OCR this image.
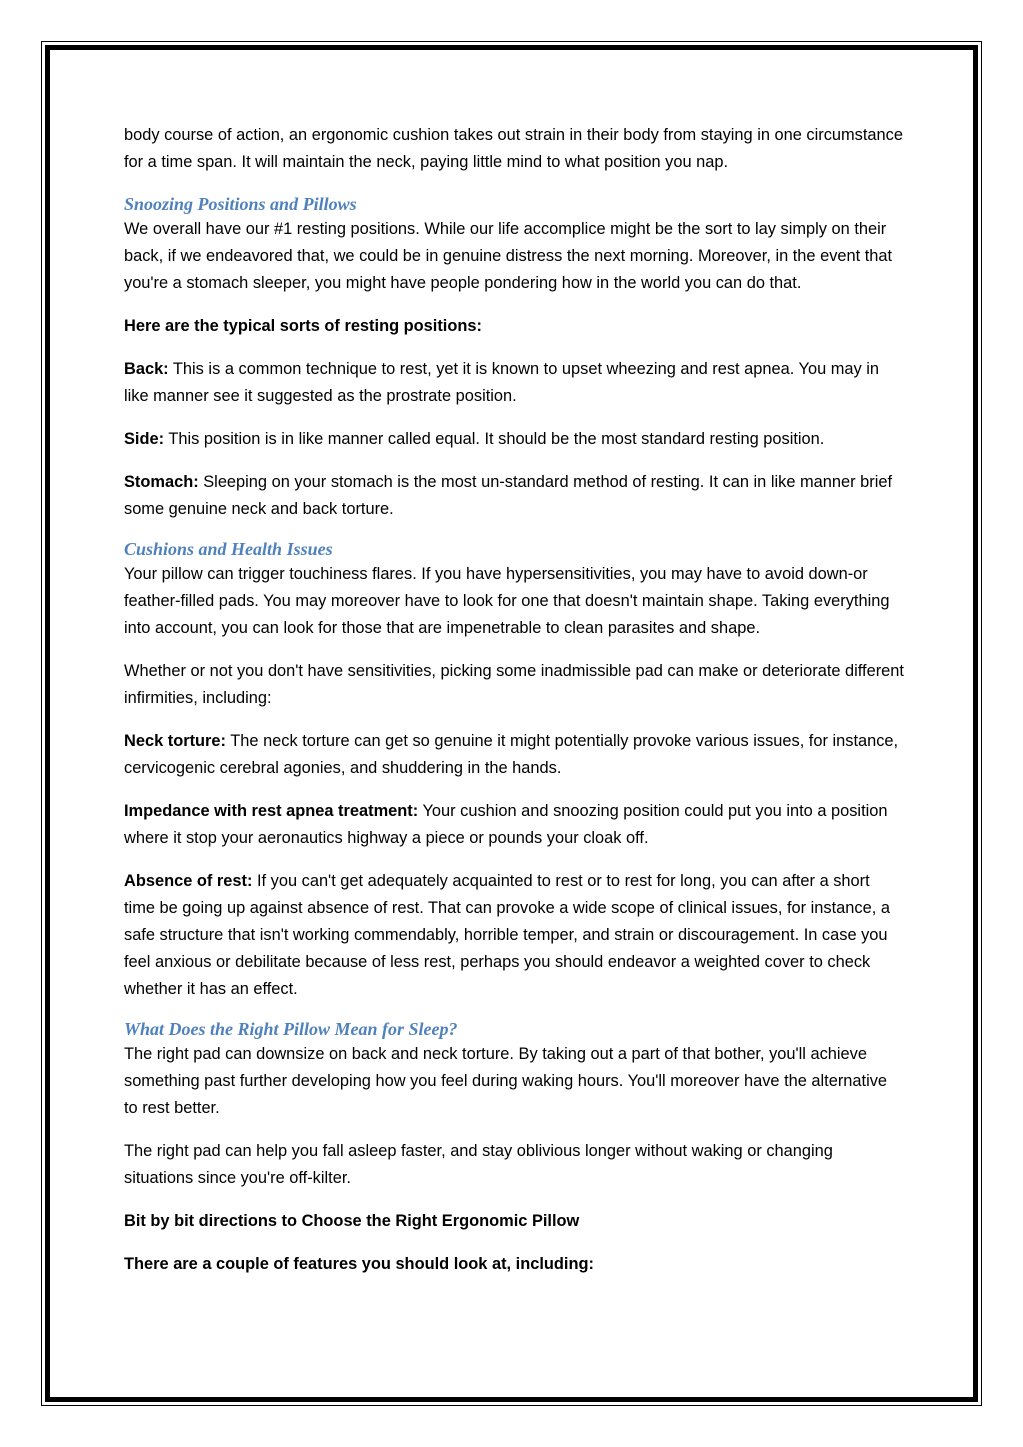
body course of action, an ergonomic cushion takes out strain in their body from staying in one circumstance for a time span. It will maintain the neck, paying little mind to what position you nap.

Snoozing Positions and Pillows

We overall have our #1 resting positions. While our life accomplice might be the sort to lay simply on their back, if we endeavored that, we could be in genuine distress the next morning. Moreover, in the event that you're a stomach sleeper, you might have people pondering how in the world you can do that.

Here are the typical sorts of resting positions:

Back: This is a common technique to rest, yet it is known to upset wheezing and rest apnea. You may in like manner see it suggested as the prostrate position.

Side: This position is in like manner called equal. It should be the most standard resting position.

Stomach: Sleeping on your stomach is the most un-standard method of resting. It can in like manner brief some genuine neck and back torture.

Cushions and Health Issues

Your pillow can trigger touchiness flares. If you have hypersensitivities, you may have to avoid down-or feather-filled pads. You may moreover have to look for one that doesn't maintain shape. Taking everything into account, you can look for those that are impenetrable to clean parasites and shape.

Whether or not you don't have sensitivities, picking some inadmissible pad can make or deteriorate different infirmities, including:

Neck torture: The neck torture can get so genuine it might potentially provoke various issues, for instance, cervicogenic cerebral agonies, and shuddering in the hands.

Impedance with rest apnea treatment: Your cushion and snoozing position could put you into a position where it stop your aeronautics highway a piece or pounds your cloak off.

Absence of rest: If you can't get adequately acquainted to rest or to rest for long, you can after a short time be going up against absence of rest. That can provoke a wide scope of clinical issues, for instance, a safe structure that isn't working commendably, horrible temper, and strain or discouragement. In case you feel anxious or debilitate because of less rest, perhaps you should endeavor a weighted cover to check whether it has an effect.

What Does the Right Pillow Mean for Sleep?

The right pad can downsize on back and neck torture. By taking out a part of that bother, you'll achieve something past further developing how you feel during waking hours. You'll moreover have the alternative to rest better.

The right pad can help you fall asleep faster, and stay oblivious longer without waking or changing situations since you're off-kilter.

Bit by bit directions to Choose the Right Ergonomic Pillow

There are a couple of features you should look at, including:
